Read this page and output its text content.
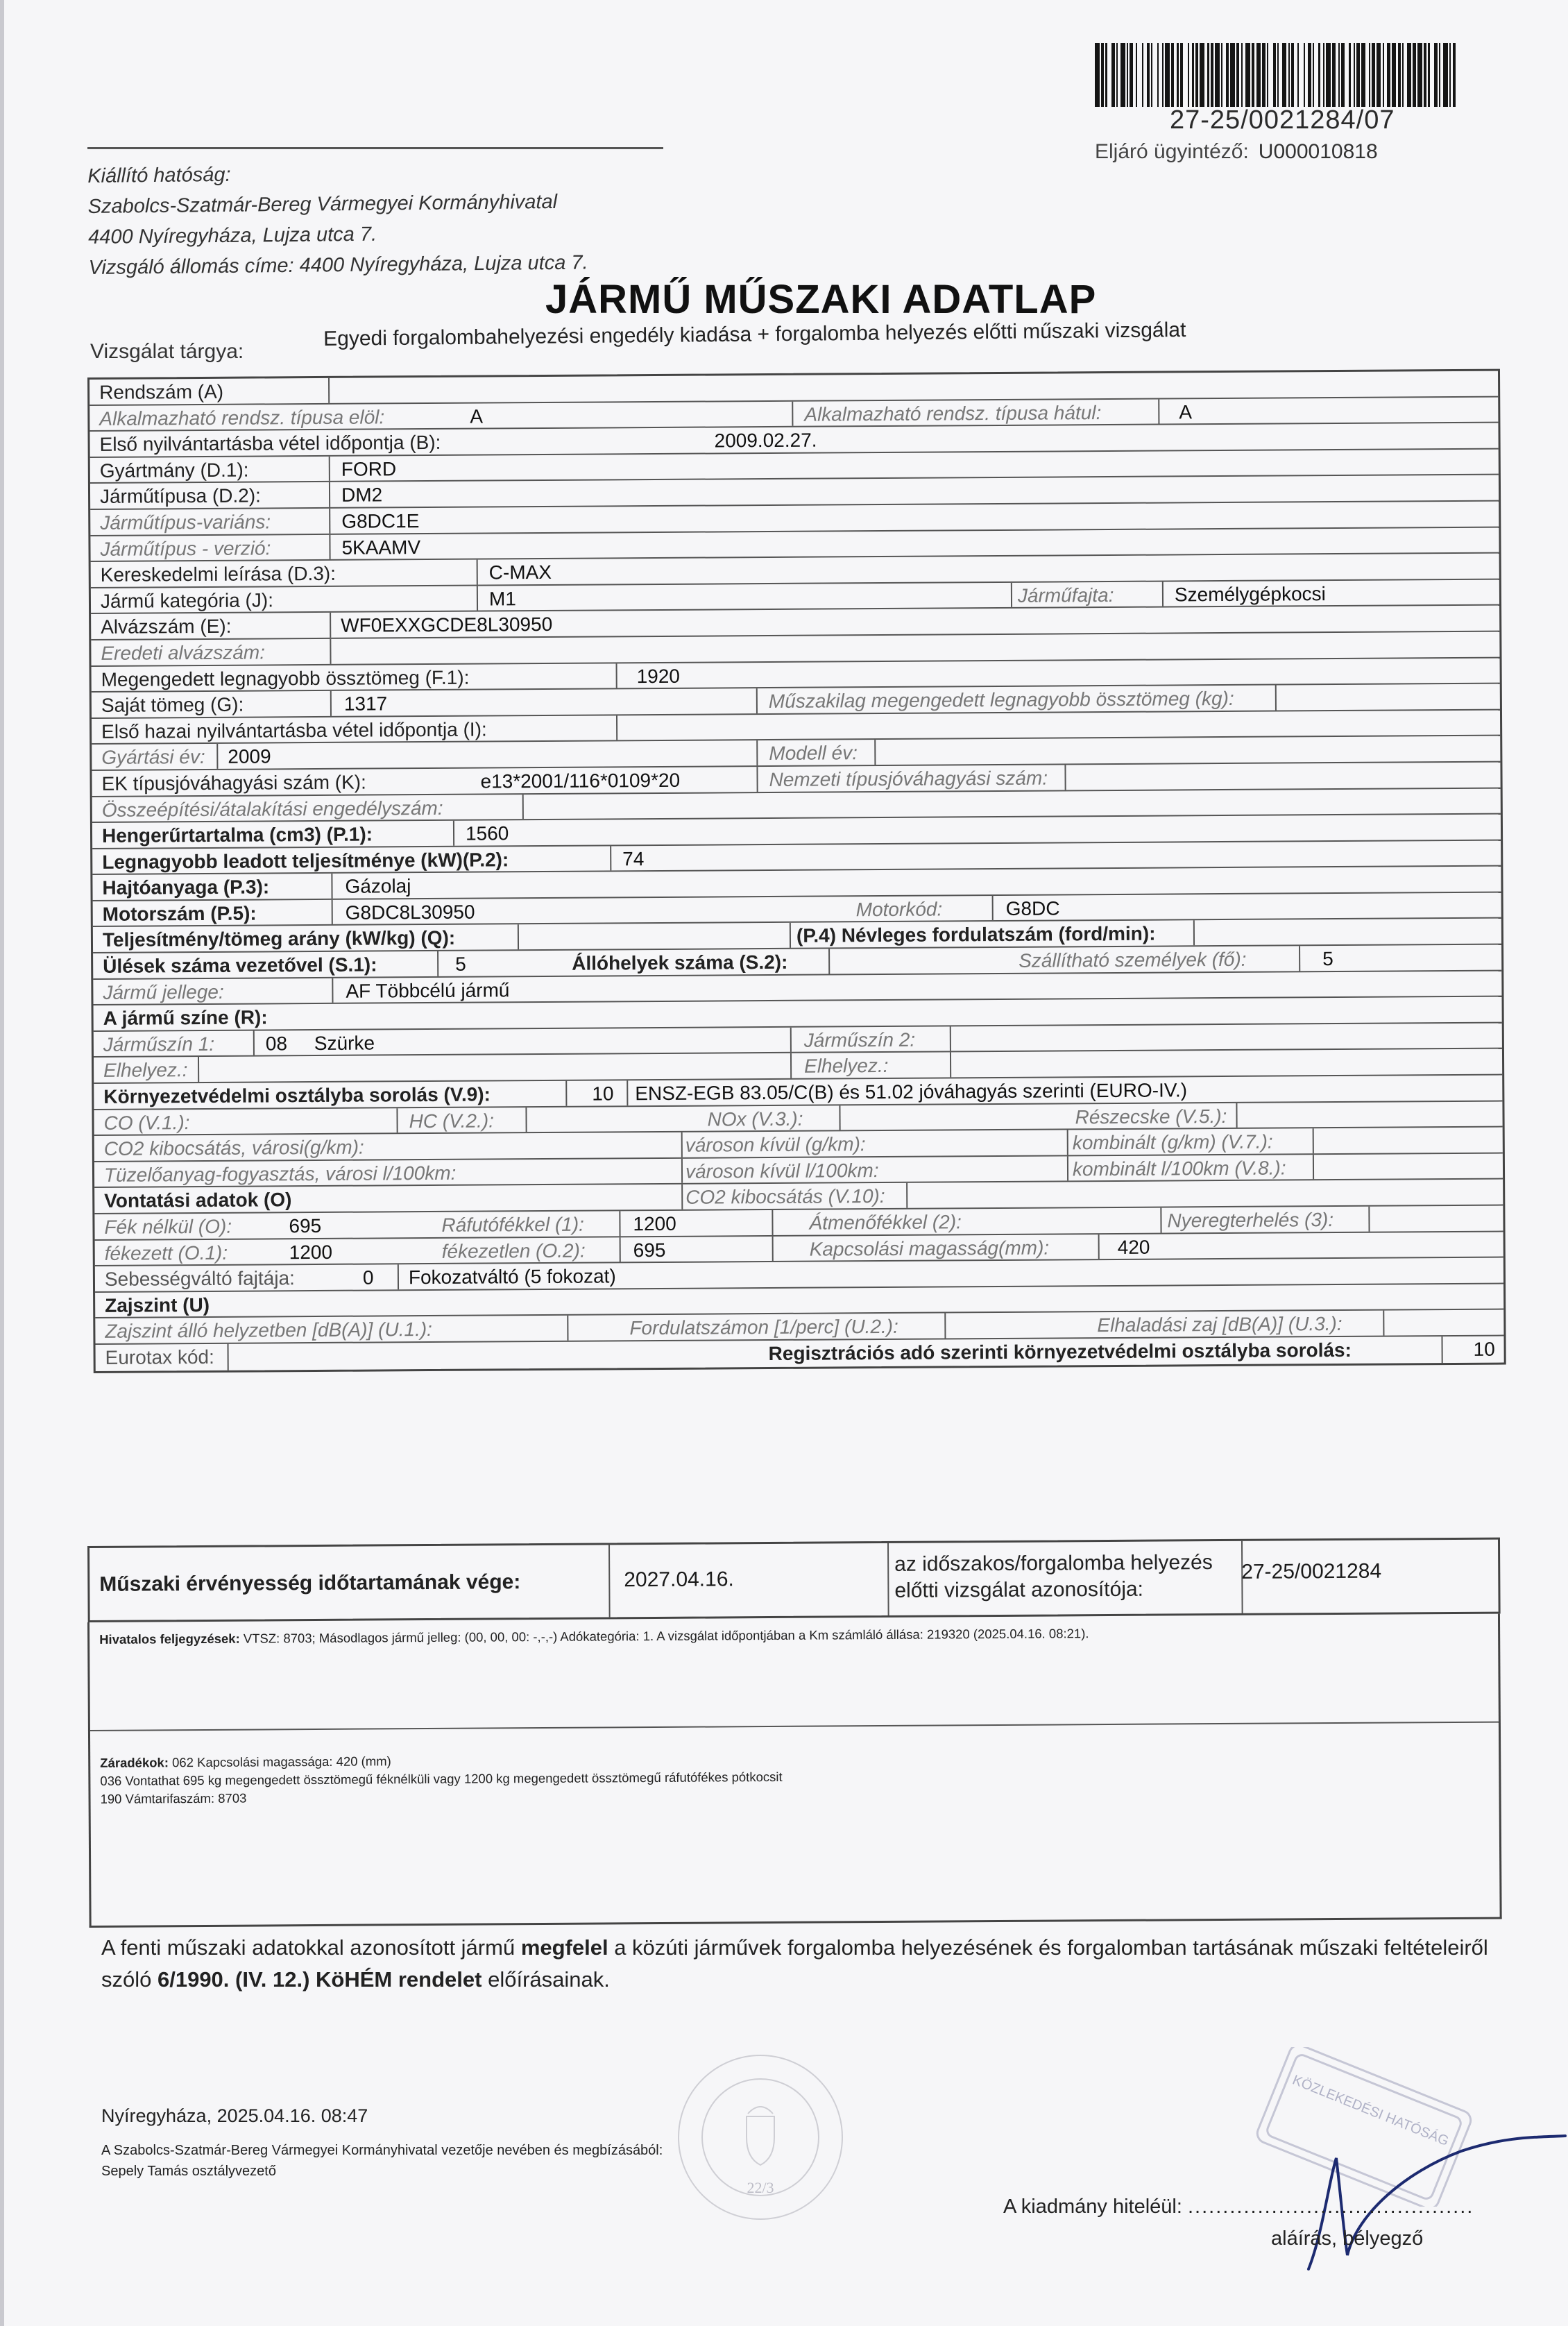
27-25/0021284/07
Eljáró ügyintéző: U000010818
Kiállító hatóság:
Szabolcs-Szatmár-Bereg Vármegyei Kormányhivatal
4400 Nyíregyháza, Lujza utca 7.
Vizsgáló állomás címe: 4400 Nyíregyháza, Lujza utca 7.
JÁRMŰ MŰSZAKI ADATLAP
Vizsgálat tárgya:
Egyedi forgalombahelyezési engedély kiadása + forgalomba helyezés előtti műszaki vizsgálat
Rendszám (A)
Alkalmazható rendsz. típusa elöl:	A	Alkalmazható rendsz. típusa hátul:	A
Első nyilvántartásba vétel időpontja (B):	2009.02.27.
Gyártmány (D.1):	FORD
Járműtípusa (D.2):	DM2
Járműtípus-variáns:	G8DC1E
Járműtípus - verzió:	5KAAMV
Kereskedelmi leírása (D.3):	C-MAX
Jármű kategória (J):	M1	Járműfajta:	Személygépkocsi
Alvázszám (E):	WF0EXXGCDE8L30950
Eredeti alvázszám:
Megengedett legnagyobb össztömeg (F.1):	1920
Saját tömeg (G):	1317	Műszakilag megengedett legnagyobb össztömeg (kg):
Első hazai nyilvántartásba vétel időpontja (I):
Gyártási év: 2009	Modell év:
EK típusjóváhagyási szám (K):	e13*2001/116*0109*20	Nemzeti típusjóváhagyási szám:
Összeépítési/átalakítási engedélyszám:
Hengerűrtartalma (cm3) (P.1):	1560
Legnagyobb leadott teljesítménye (kW)(P.2):	74
Hajtóanyaga (P.3):	Gázolaj
Motorszám (P.5):	G8DC8L30950	Motorkód:	G8DC
Teljesítmény/tömeg arány (kW/kg) (Q):	(P.4) Névleges fordulatszám (ford/min):
Ülések száma vezetővel (S.1):	5	Állóhelyek száma (S.2):	Szállítható személyek (fő):	5
Jármű jellege:	AF Többcélú jármű
A jármű színe (R):
Járműszín 1:	08 Szürke	Járműszín 2:
Elhelyez.:	Elhelyez.:
Környezetvédelmi osztályba sorolás (V.9):	10 ENSZ-EGB 83.05/C(B) és 51.02 jóváhagyás szerinti (EURO-IV.)
CO (V.1.):	HC (V.2.):	NOx (V.3.):	Részecske (V.5.):
CO2 kibocsátás, városi(g/km):	városon kívül (g/km):	kombinált (g/km) (V.7.):
Tüzelőanyag-fogyasztás, városi l/100km:	városon kívül l/100km:	kombinált l/100km (V.8.):
Vontatási adatok (O)	CO2 kibocsátás (V.10):
Fék nélkül (O):	695	Ráfutófékkel (1):	1200	Átmenőfékkel (2):	Nyeregterhelés (3):
fékezett (O.1):	1200	fékezetlen (O.2): 695	Kapcsolási magasság(mm):	420
Sebességváltó fajtája:	0 Fokozatváltó (5 fokozat)
Zajszint (U)
Zajszint álló helyzetben [dB(A)] (U.1.):	Fordulatszámon [1/perc] (U.2.):	Elhaladási zaj [dB(A)] (U.3.):
Eurotax kód:	Regisztrációs adó szerinti környezetvédelmi osztályba sorolás:	10
Műszaki érvényesség időtartamának vége:	2027.04.16.
az időszakos/forgalomba helyezés
előtti vizsgálat azonosítója:
27-25/0021284
Hivatalos feljegyzések: VTSZ: 8703; Másodlagos jármű jelleg: (00, 00, 00: -,-,-) Adókategória: 1. A vizsgálat időpontjában a Km számláló állása: 219320 (2025.04.16. 08:21).
Záradékok: 062 Kapcsolási magassága: 420 (mm)
036 Vontathat 695 kg megengedett össztömegű féknélküli vagy 1200 kg megengedett össztömegű ráfutófékes pótkocsit
190 Vámtarifaszám: 8703
A fenti műszaki adatokkal azonosított jármű megfelel a közúti járművek forgalomba helyezésének és forgalomban tartásának műszaki feltételeiről szóló 6/1990. (IV. 12.) KöHÉM rendelet előírásainak.
Nyíregyháza, 2025.04.16. 08:47
A Szabolcs-Szatmár-Bereg Vármegyei Kormányhivatal vezetője nevében és megbízásából:
Sepely Tamás osztályvezető
22/3
KÖZLEKEDÉSI HATÓSÁG
A kiadmány hiteléül: .........................................
aláírás, bélyegző
